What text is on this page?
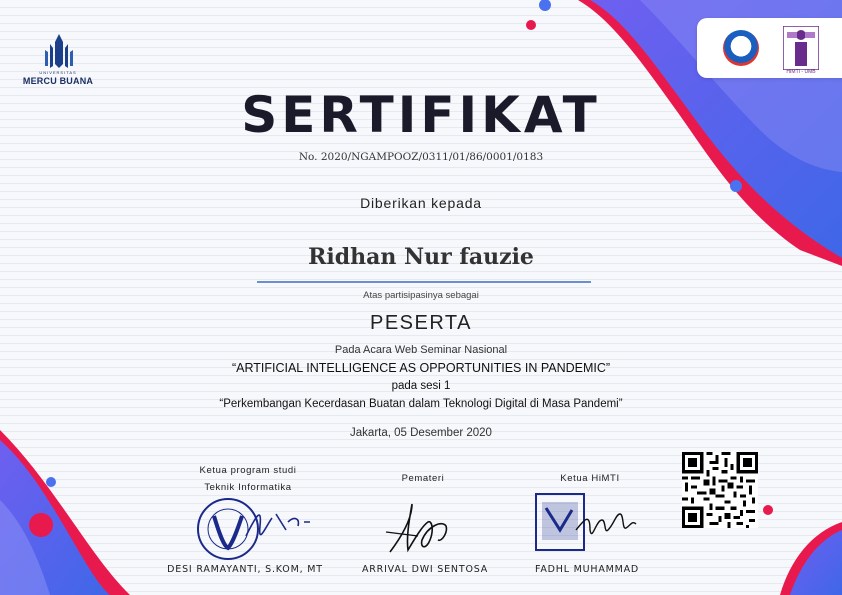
UNIVERSITAS
MERCU BUANA
HIMTI - UMB
SERTIFIKAT
No. 2020/NGAMPOOZ/0311/01/86/0001/0183
Diberikan kepada
Ridhan Nur fauzie
Atas partisipasinya sebagai
PESERTA
Pada Acara Web Seminar Nasional
“ARTIFICIAL INTELLIGENCE AS OPPORTUNITIES IN PANDEMIC”
pada sesi 1
“Perkembangan Kecerdasan Buatan dalam Teknologi Digital di Masa Pandemi”
Jakarta, 05 Desember 2020
Ketua program studi
Teknik Informatika
DESI RAMAYANTI, S.KOM, MT
Pemateri
ARRIVAL DWI SENTOSA
Ketua HiMTI
FADHL MUHAMMAD
